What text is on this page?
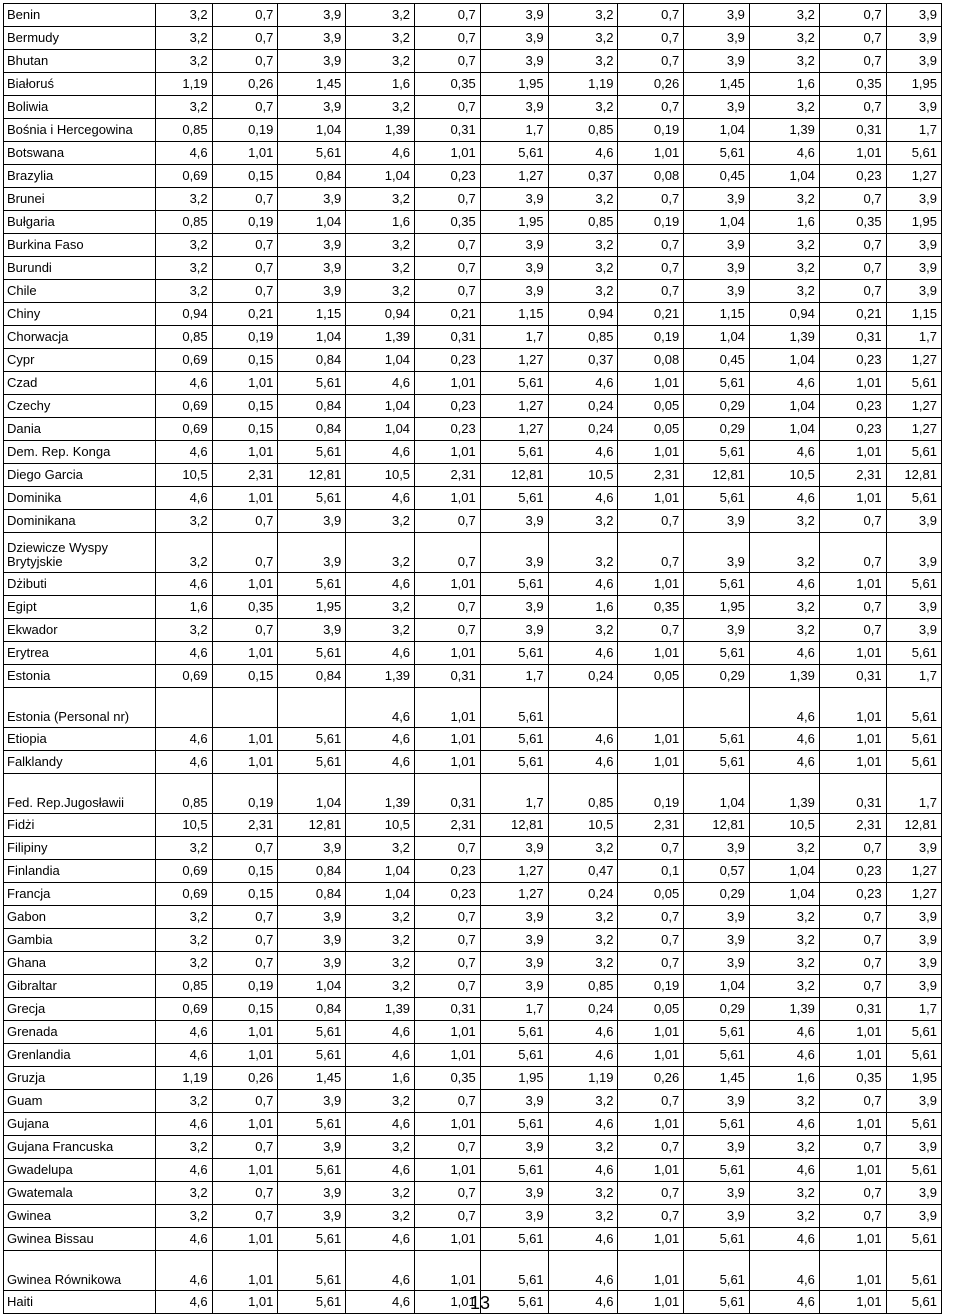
Benin	3,2	0,7	3,9	3,2	0,7	3,9	3,2	0,7	3,9	3,2	0,7	3,9
Bermudy	3,2	0,7	3,9	3,2	0,7	3,9	3,2	0,7	3,9	3,2	0,7	3,9
Bhutan	3,2	0,7	3,9	3,2	0,7	3,9	3,2	0,7	3,9	3,2	0,7	3,9
Białoruś	1,19	0,26	1,45	1,6	0,35	1,95	1,19	0,26	1,45	1,6	0,35	1,95
Boliwia	3,2	0,7	3,9	3,2	0,7	3,9	3,2	0,7	3,9	3,2	0,7	3,9
Bośnia i Hercegowina	0,85	0,19	1,04	1,39	0,31	1,7	0,85	0,19	1,04	1,39	0,31	1,7
Botswana	4,6	1,01	5,61	4,6	1,01	5,61	4,6	1,01	5,61	4,6	1,01	5,61
Brazylia	0,69	0,15	0,84	1,04	0,23	1,27	0,37	0,08	0,45	1,04	0,23	1,27
Brunei	3,2	0,7	3,9	3,2	0,7	3,9	3,2	0,7	3,9	3,2	0,7	3,9
Bułgaria	0,85	0,19	1,04	1,6	0,35	1,95	0,85	0,19	1,04	1,6	0,35	1,95
Burkina Faso	3,2	0,7	3,9	3,2	0,7	3,9	3,2	0,7	3,9	3,2	0,7	3,9
Burundi	3,2	0,7	3,9	3,2	0,7	3,9	3,2	0,7	3,9	3,2	0,7	3,9
Chile	3,2	0,7	3,9	3,2	0,7	3,9	3,2	0,7	3,9	3,2	0,7	3,9
Chiny	0,94	0,21	1,15	0,94	0,21	1,15	0,94	0,21	1,15	0,94	0,21	1,15
Chorwacja	0,85	0,19	1,04	1,39	0,31	1,7	0,85	0,19	1,04	1,39	0,31	1,7
Cypr	0,69	0,15	0,84	1,04	0,23	1,27	0,37	0,08	0,45	1,04	0,23	1,27
Czad	4,6	1,01	5,61	4,6	1,01	5,61	4,6	1,01	5,61	4,6	1,01	5,61
Czechy	0,69	0,15	0,84	1,04	0,23	1,27	0,24	0,05	0,29	1,04	0,23	1,27
Dania	0,69	0,15	0,84	1,04	0,23	1,27	0,24	0,05	0,29	1,04	0,23	1,27
Dem. Rep. Konga	4,6	1,01	5,61	4,6	1,01	5,61	4,6	1,01	5,61	4,6	1,01	5,61
Diego Garcia	10,5	2,31	12,81	10,5	2,31	12,81	10,5	2,31	12,81	10,5	2,31	12,81
Dominika	4,6	1,01	5,61	4,6	1,01	5,61	4,6	1,01	5,61	4,6	1,01	5,61
Dominikana	3,2	0,7	3,9	3,2	0,7	3,9	3,2	0,7	3,9	3,2	0,7	3,9
Dziewicze Wyspy Brytyjskie	3,2	0,7	3,9	3,2	0,7	3,9	3,2	0,7	3,9	3,2	0,7	3,9
Dżibuti	4,6	1,01	5,61	4,6	1,01	5,61	4,6	1,01	5,61	4,6	1,01	5,61
Egipt	1,6	0,35	1,95	3,2	0,7	3,9	1,6	0,35	1,95	3,2	0,7	3,9
Ekwador	3,2	0,7	3,9	3,2	0,7	3,9	3,2	0,7	3,9	3,2	0,7	3,9
Erytrea	4,6	1,01	5,61	4,6	1,01	5,61	4,6	1,01	5,61	4,6	1,01	5,61
Estonia	0,69	0,15	0,84	1,39	0,31	1,7	0,24	0,05	0,29	1,39	0,31	1,7
Estonia (Personal nr)				4,6	1,01	5,61				4,6	1,01	5,61
Etiopia	4,6	1,01	5,61	4,6	1,01	5,61	4,6	1,01	5,61	4,6	1,01	5,61
Falklandy	4,6	1,01	5,61	4,6	1,01	5,61	4,6	1,01	5,61	4,6	1,01	5,61
Fed. Rep.Jugosławii	0,85	0,19	1,04	1,39	0,31	1,7	0,85	0,19	1,04	1,39	0,31	1,7
Fidżi	10,5	2,31	12,81	10,5	2,31	12,81	10,5	2,31	12,81	10,5	2,31	12,81
Filipiny	3,2	0,7	3,9	3,2	0,7	3,9	3,2	0,7	3,9	3,2	0,7	3,9
Finlandia	0,69	0,15	0,84	1,04	0,23	1,27	0,47	0,1	0,57	1,04	0,23	1,27
Francja	0,69	0,15	0,84	1,04	0,23	1,27	0,24	0,05	0,29	1,04	0,23	1,27
Gabon	3,2	0,7	3,9	3,2	0,7	3,9	3,2	0,7	3,9	3,2	0,7	3,9
Gambia	3,2	0,7	3,9	3,2	0,7	3,9	3,2	0,7	3,9	3,2	0,7	3,9
Ghana	3,2	0,7	3,9	3,2	0,7	3,9	3,2	0,7	3,9	3,2	0,7	3,9
Gibraltar	0,85	0,19	1,04	3,2	0,7	3,9	0,85	0,19	1,04	3,2	0,7	3,9
Grecja	0,69	0,15	0,84	1,39	0,31	1,7	0,24	0,05	0,29	1,39	0,31	1,7
Grenada	4,6	1,01	5,61	4,6	1,01	5,61	4,6	1,01	5,61	4,6	1,01	5,61
Grenlandia	4,6	1,01	5,61	4,6	1,01	5,61	4,6	1,01	5,61	4,6	1,01	5,61
Gruzja	1,19	0,26	1,45	1,6	0,35	1,95	1,19	0,26	1,45	1,6	0,35	1,95
Guam	3,2	0,7	3,9	3,2	0,7	3,9	3,2	0,7	3,9	3,2	0,7	3,9
Gujana	4,6	1,01	5,61	4,6	1,01	5,61	4,6	1,01	5,61	4,6	1,01	5,61
Gujana Francuska	3,2	0,7	3,9	3,2	0,7	3,9	3,2	0,7	3,9	3,2	0,7	3,9
Gwadelupa	4,6	1,01	5,61	4,6	1,01	5,61	4,6	1,01	5,61	4,6	1,01	5,61
Gwatemala	3,2	0,7	3,9	3,2	0,7	3,9	3,2	0,7	3,9	3,2	0,7	3,9
Gwinea	3,2	0,7	3,9	3,2	0,7	3,9	3,2	0,7	3,9	3,2	0,7	3,9
Gwinea Bissau	4,6	1,01	5,61	4,6	1,01	5,61	4,6	1,01	5,61	4,6	1,01	5,61
Gwinea Równikowa	4,6	1,01	5,61	4,6	1,01	5,61	4,6	1,01	5,61	4,6	1,01	5,61
Haiti	4,6	1,01	5,61	4,6	1,01	5,61	4,6	1,01	5,61	4,6	1,01	5,61
13
